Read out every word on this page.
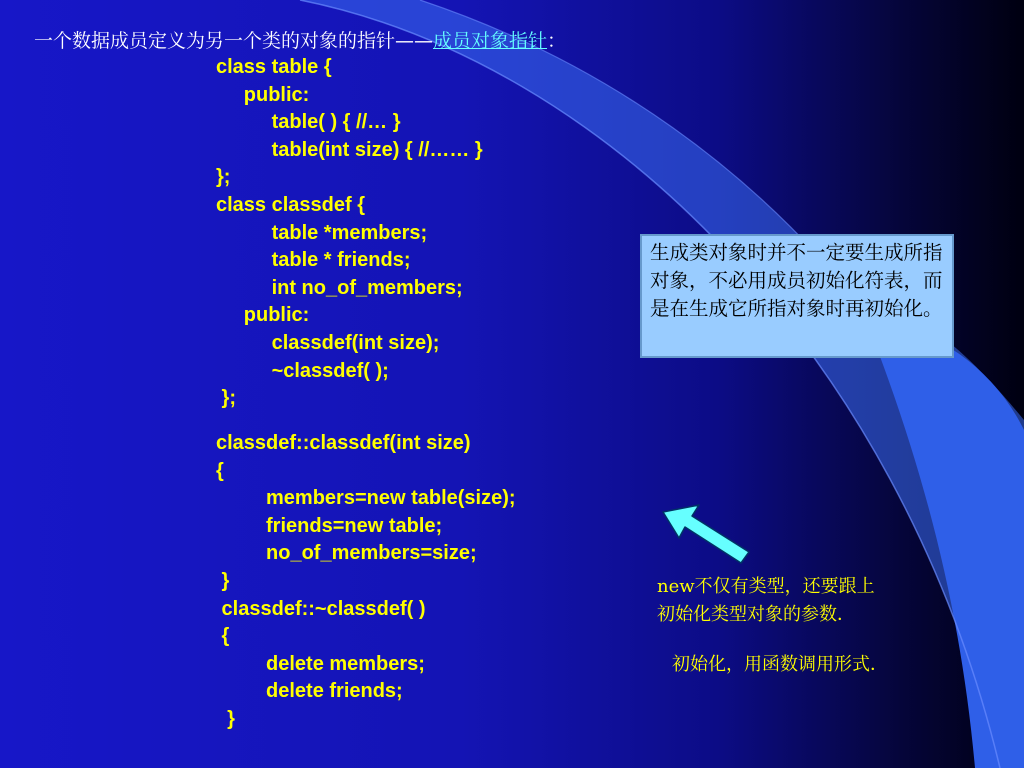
一个数据成员定义为另一个类的对象的指针——成员对象指针：
class table {
public:
table( ) { //… }
table(int size) { //…… }
};
class classdef {
table *members;
table * friends;
int no_of_members;
public:
classdef(int size);
~classdef( );
};
classdef::classdef(int size)
{
members=new table(size);
friends=new table;
no_of_members=size;
}
classdef::~classdef( )
{
delete members;
delete friends;
}
生成类对象时并不一定要生成所指对象，不必用成员初始化符表，而是在生成它所指对象时再初始化。
new不仅有类型，还要跟上
初始化类型对象的参数．
初始化，用函数调用形式．
